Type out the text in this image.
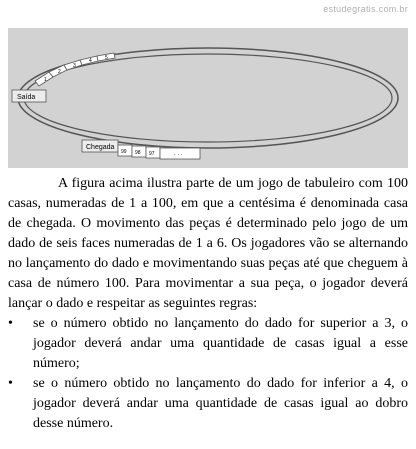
estudegratis.com.br
1
2
3
4	5
Saída
Chegada
99 98 97	. . .

A figura acima ilustra parte de um jogo de tabuleiro com 100 casas, numeradas de 1 a 100, em que a centésima é denominada casa de chegada. O movimento das peças é determinado pelo jogo de um dado de seis faces numeradas de 1 a 6. Os jogadores vão se alternando no lançamento do dado e movimentando suas peças até que cheguem à casa de número 100. Para movimentar a sua peça, o jogador deverá lançar o dado e respeitar as seguintes regras:

• se o número obtido no lançamento do dado for superior a 3, o jogador deverá andar uma quantidade de casas igual a esse número;
• se o número obtido no lançamento do dado for inferior a 4, o jogador deverá andar uma quantidade de casas igual ao dobro desse número.
